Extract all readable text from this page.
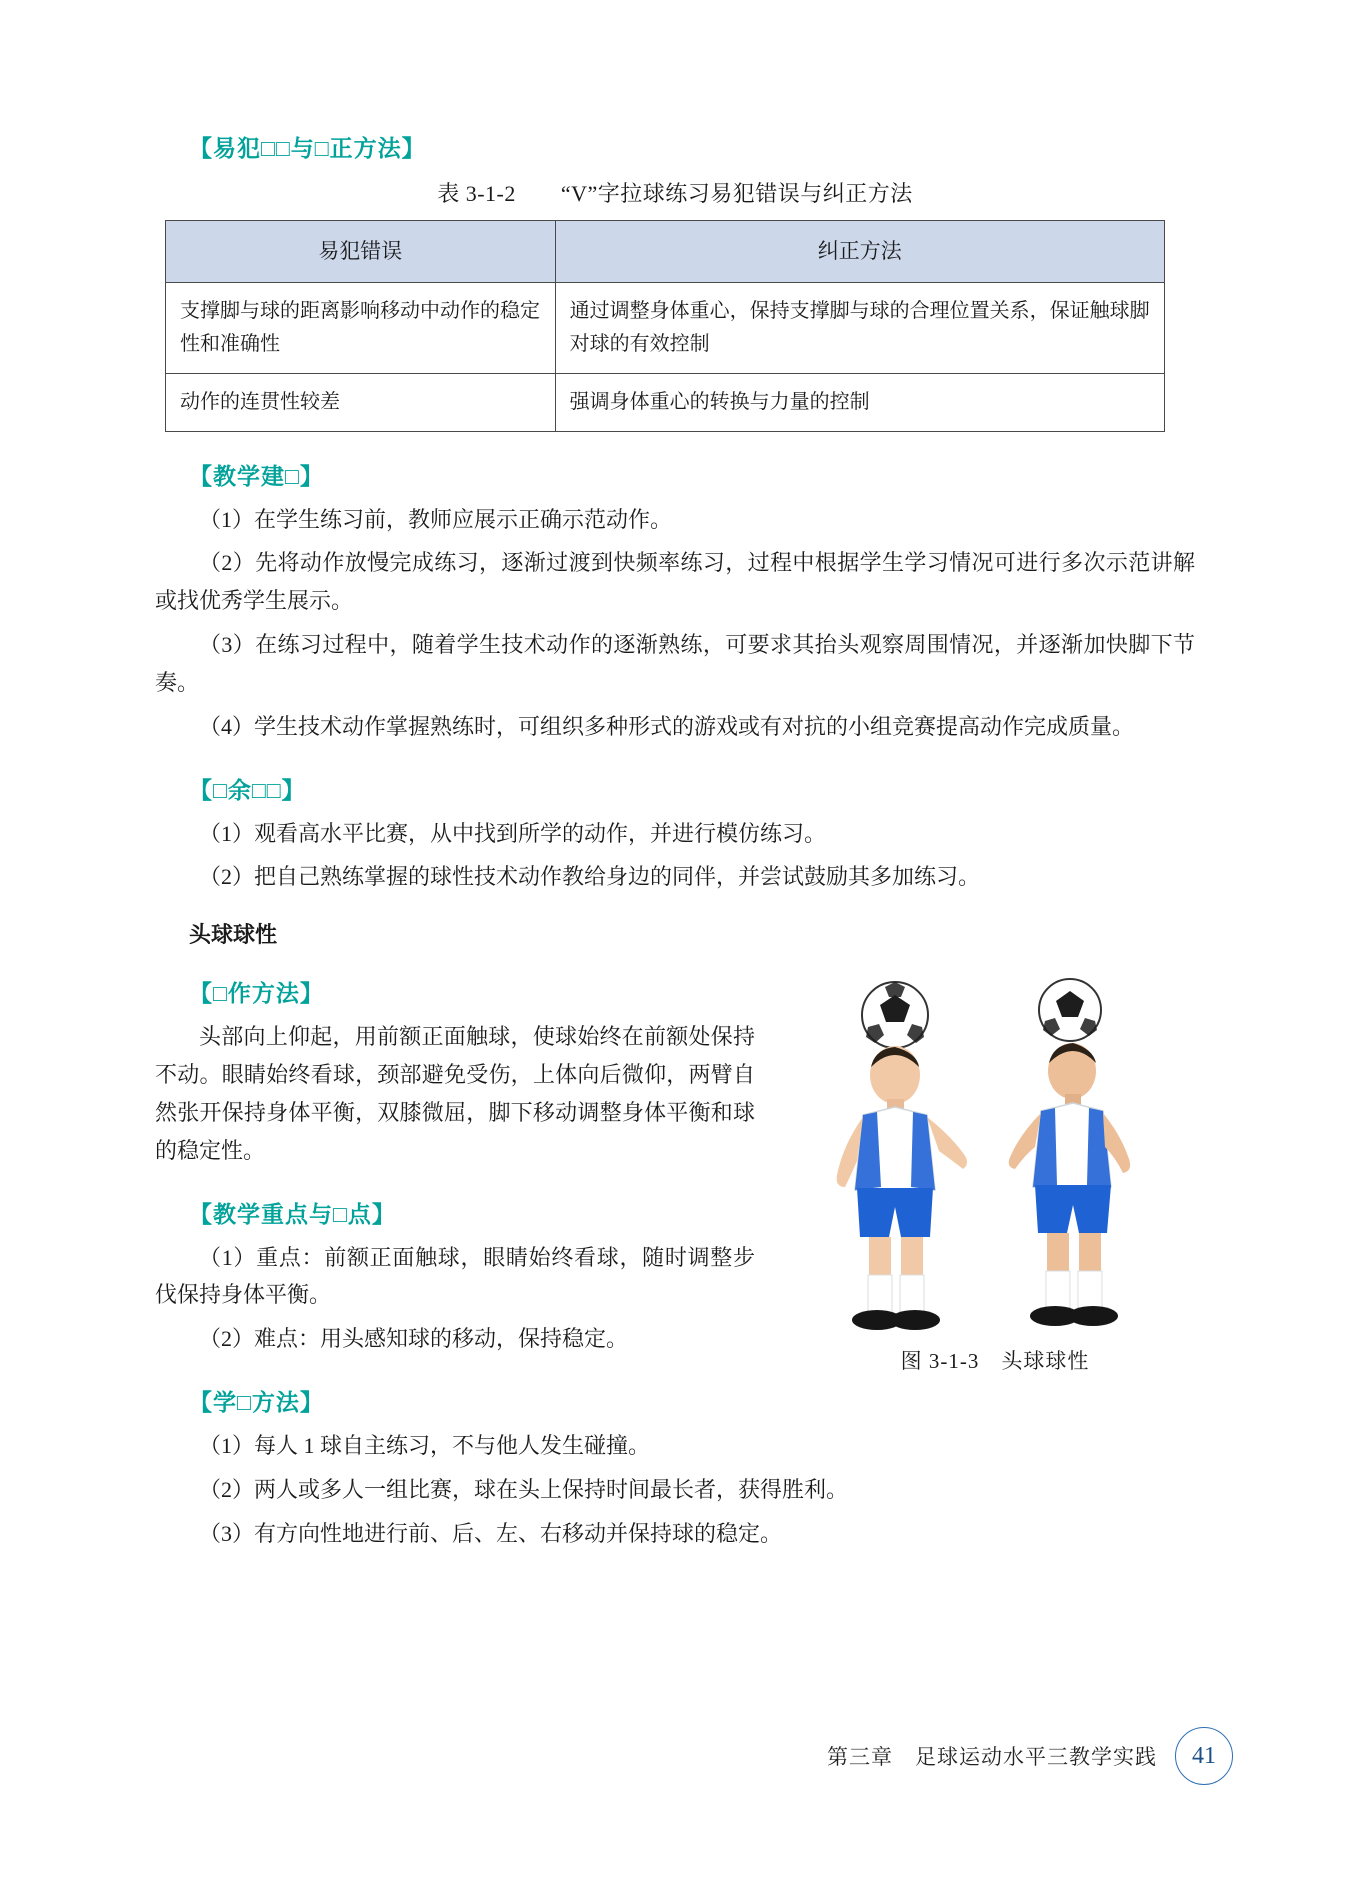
【易犯□□与□正方法】
表 3-1-2　　“V”字拉球练习易犯错误与纠正方法
易犯错误	纠正方法
支撑脚与球的距离影响移动中动作的稳定性和准确性	通过调整身体重心，保持支撑脚与球的合理位置关系，保证触球脚对球的有效控制
动作的连贯性较差	强调身体重心的转换与力量的控制
【教学建□】

（1）在学生练习前，教师应展示正确示范动作。

（2）先将动作放慢完成练习，逐渐过渡到快频率练习，过程中根据学生学习情况可进行多次示范讲解或找优秀学生展示。

（3）在练习过程中，随着学生技术动作的逐渐熟练，可要求其抬头观察周围情况，并逐渐加快脚下节奏。

（4）学生技术动作掌握熟练时，可组织多种形式的游戏或有对抗的小组竞赛提高动作完成质量。

【□余□□】

（1）观看高水平比赛，从中找到所学的动作，并进行模仿练习。

（2）把自己熟练掌握的球性技术动作教给身边的同伴，并尝试鼓励其多加练习。

头球球性
图 3-1-3　头球球性
【□作方法】

头部向上仰起，用前额正面触球，使球始终在前额处保持不动。眼睛始终看球，颈部避免受伤，上体向后微仰，两臂自然张开保持身体平衡，双膝微屈，脚下移动调整身体平衡和球的稳定性。

【教学重点与□点】

（1）重点：前额正面触球，眼睛始终看球，随时调整步伐保持身体平衡。

（2）难点：用头感知球的移动，保持稳定。

【学□方法】

（1）每人 1 球自主练习，不与他人发生碰撞。

（2）两人或多人一组比赛，球在头上保持时间最长者，获得胜利。

（3）有方向性地进行前、后、左、右移动并保持球的稳定。

第三章　足球运动水平三教学实践	41
